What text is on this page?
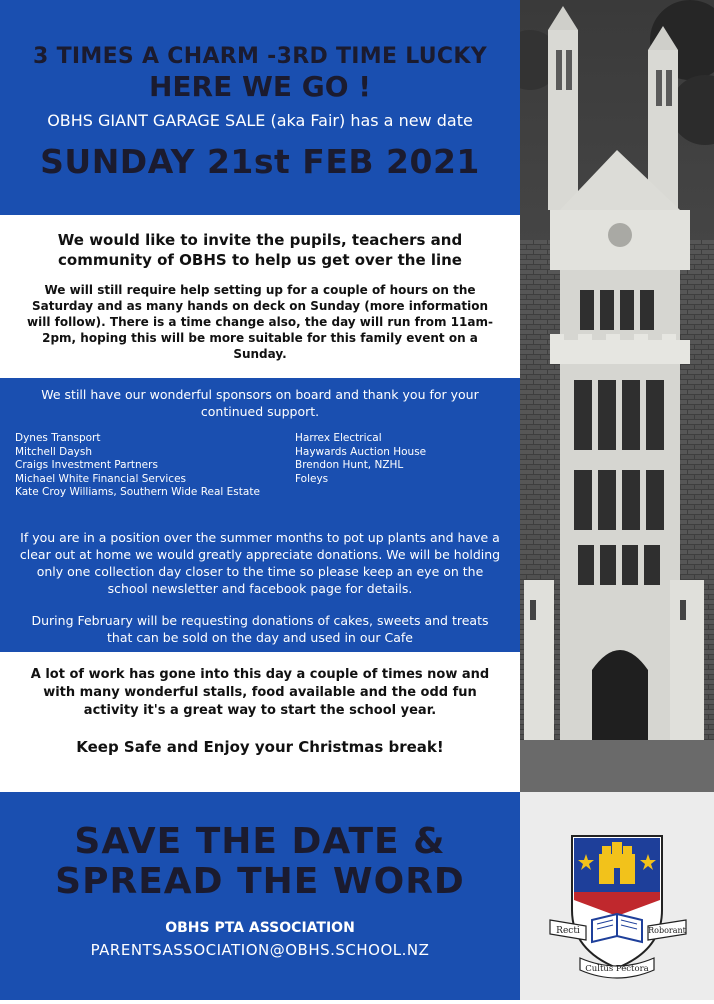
3 TIMES A CHARM -3RD TIME LUCKY

HERE WE GO !

OBHS GIANT GARAGE SALE (aka Fair) has a new date

SUNDAY 21st FEB 2021

We would like to invite the pupils, teachers and community of OBHS to help us get over the line

We will still require help setting up for a couple of hours on the Saturday and as many hands on deck on Sunday (more information will follow). There is a time change also, the day will run from 11am-2pm, hoping this will be more suitable for this family event on a Sunday.

We still have our wonderful sponsors on board and thank you for your continued support.

Dynes Transport
Mitchell Daysh
Craigs Investment Partners
Michael White Financial Services
Kate Croy Williams, Southern Wide Real Estate
Harrex Electrical
Haywards Auction House
Brendon Hunt, NZHL
Foleys

If you are in a position over the summer months to pot up plants and have a clear out at home we would greatly appreciate donations. We will be holding only one collection day closer to the time so please keep an eye on the school newsletter and facebook page for details.

During February will be requesting donations of cakes, sweets and treats that can be sold on the day and used in our Cafe

A lot of work has gone into this day a couple of times now and with many wonderful stalls, food available and the odd fun activity it's a great way to start the school year.

Keep Safe and Enjoy your Christmas break!

SAVE THE DATE &
SPREAD THE WORD
OBHS PTA ASSOCIATION
PARENTSASSOCIATION@OBHS.SCHOOL.NZ
Recti	Roborant
Cultus Pectora
